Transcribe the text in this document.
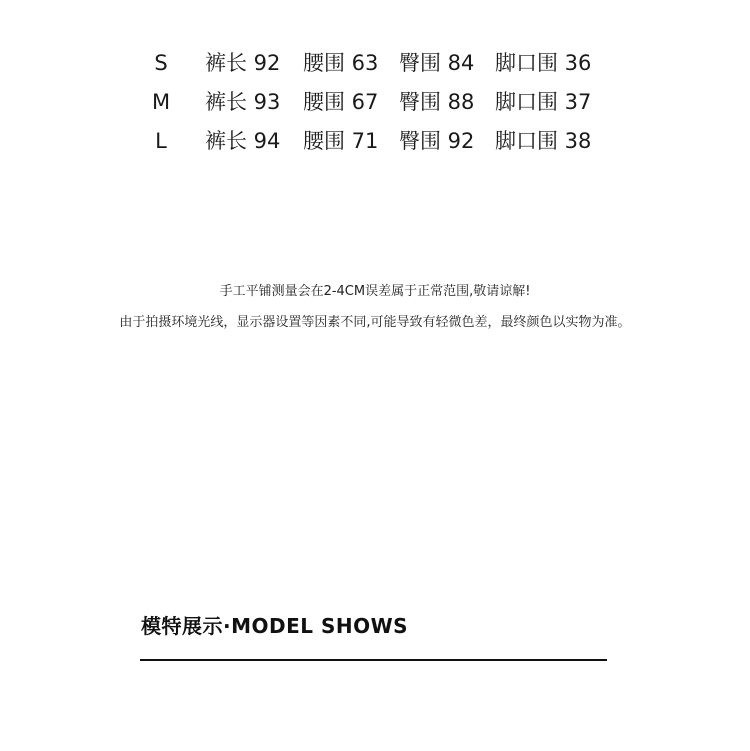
S 裤长 92 腰围 63 臀围 84 脚口围 36
M 裤长 93 腰围 67 臀围 88 脚口围 37
L 裤长 94 腰围 71 臀围 92 脚口围 38
手工平铺测量会在2-4CM误差属于正常范围,敬请谅解!
由于拍摄环境光线，显示器设置等因素不同,可能导致有轻微色差，最终颜色以实物为准。
模特展示·MODEL SHOWS
